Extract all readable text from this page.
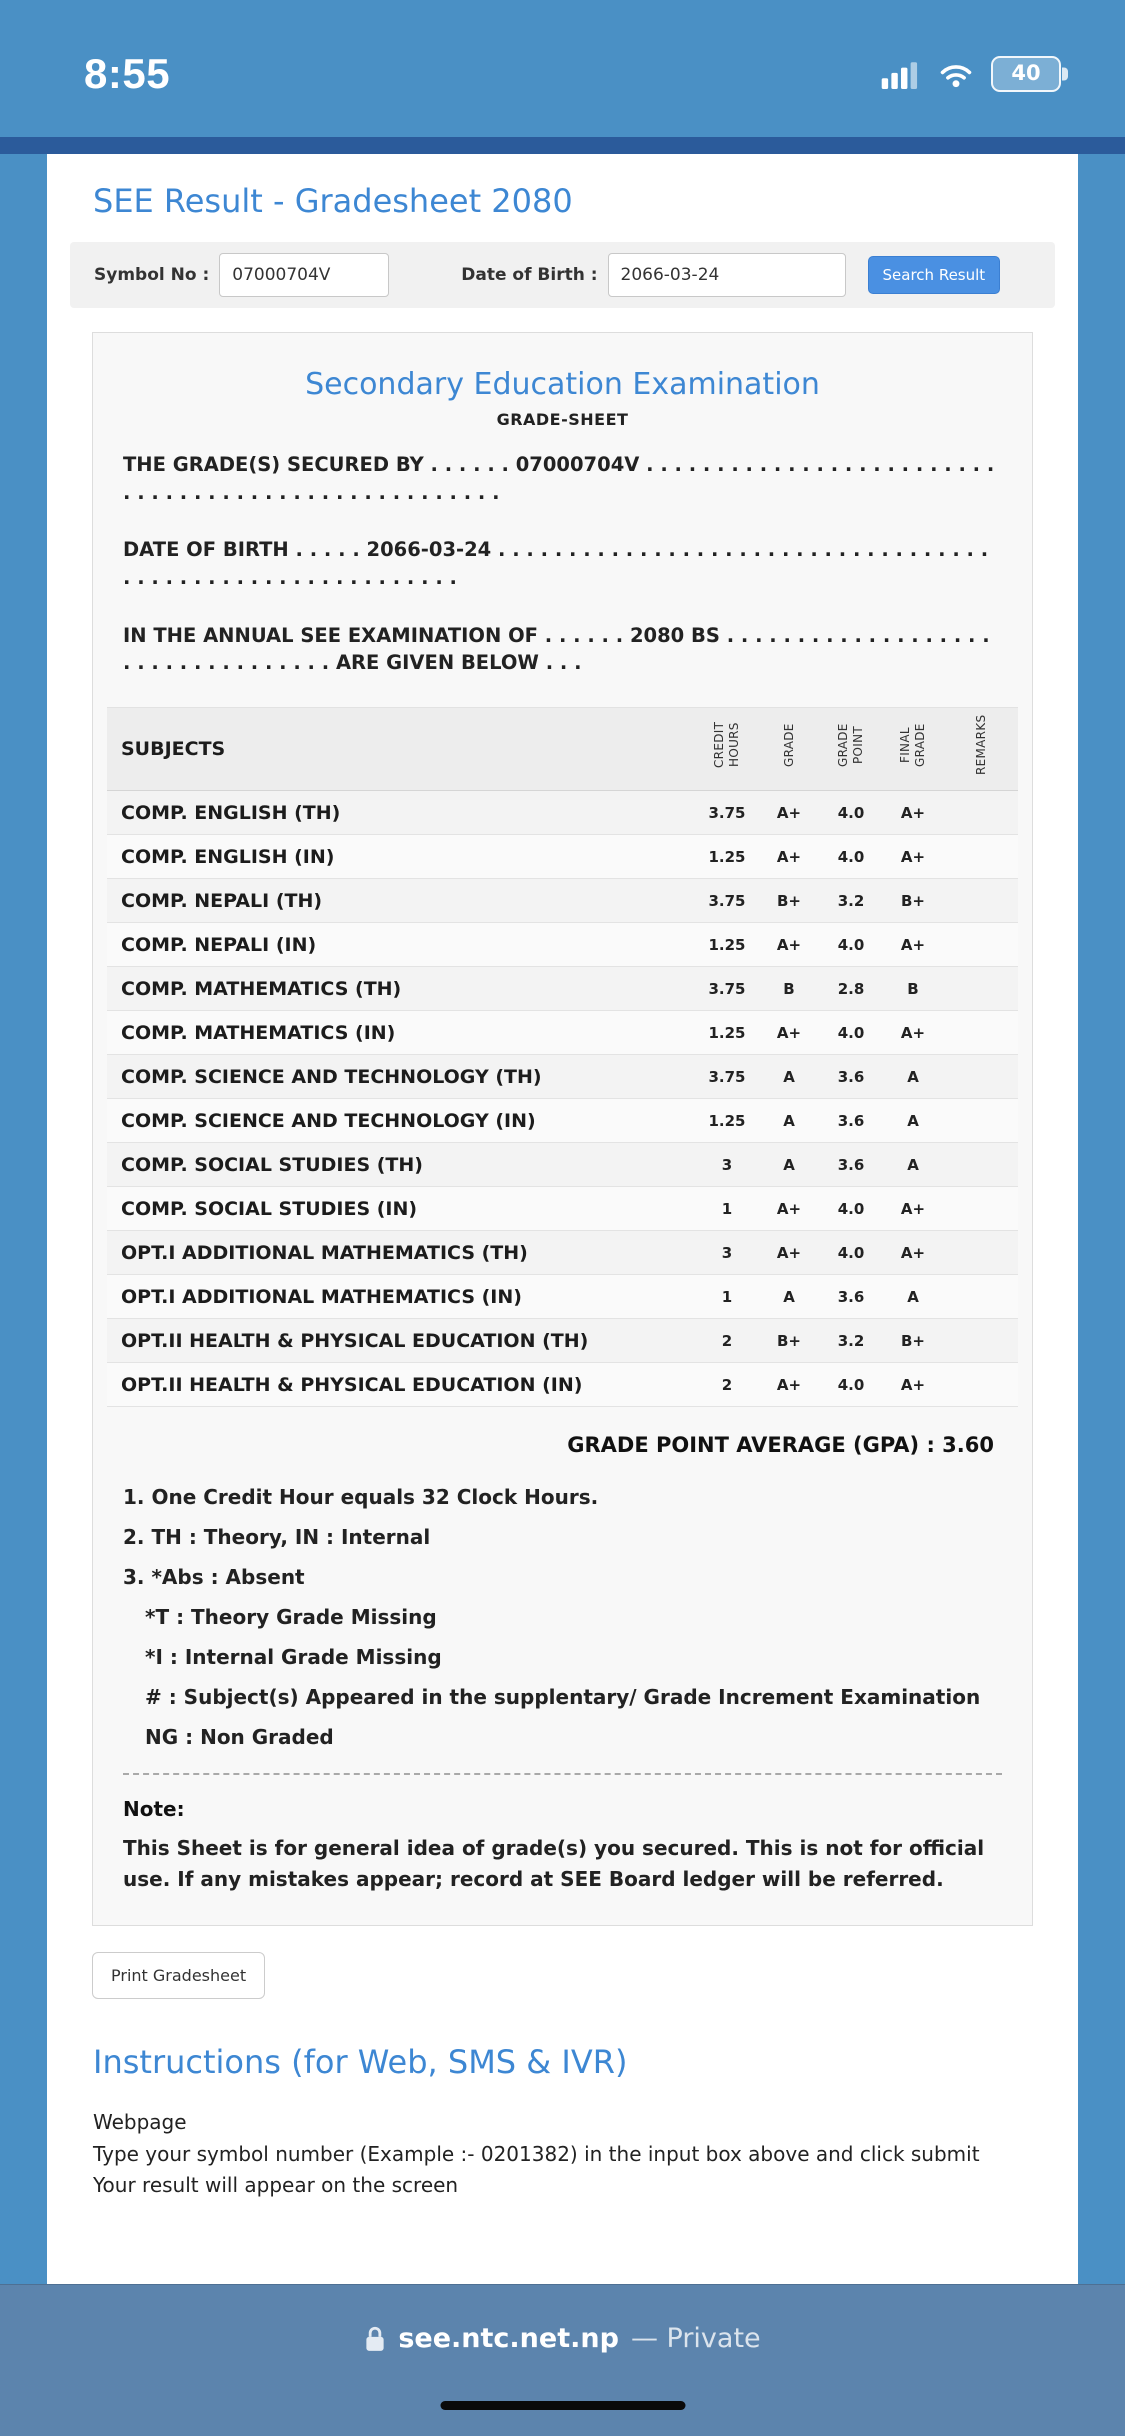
8:55	40
SEE Result - Gradesheet 2080
Symbol No :
07000704V	Date of Birth :
2066-03-24	Search Result
Secondary Education Examination
GRADE-SHEET

THE GRADE(S) SECURED BY . . . . . . 07000704V . . . . . . . . . . . . . . . . . . . . . . . . . . . . . . . . . . . . . . . . . . . . . . . . . . . .

DATE OF BIRTH . . . . . 2066-03-24 . . . . . . . . . . . . . . . . . . . . . . . . . . . . . . . . . . . . . . . . . . . . . . . . . . . . . . . . . . .

IN THE ANNUAL SEE EXAMINATION OF . . . . . . 2080 BS . . . . . . . . . . . . . . . . . . . . . . . . . . . . . . . . . . ARE GIVEN BELOW . . .

SUBJECTS	CREDIT HOURS	GRADE	GRADE POINT	FINAL GRADE	REMARKS
COMP. ENGLISH (TH)	3.75	A+	4.0	A+	
COMP. ENGLISH (IN)	1.25	A+	4.0	A+	
COMP. NEPALI (TH)	3.75	B+	3.2	B+	
COMP. NEPALI (IN)	1.25	A+	4.0	A+	
COMP. MATHEMATICS (TH)	3.75	B	2.8	B	
COMP. MATHEMATICS (IN)	1.25	A+	4.0	A+	
COMP. SCIENCE AND TECHNOLOGY (TH)	3.75	A	3.6	A	
COMP. SCIENCE AND TECHNOLOGY (IN)	1.25	A	3.6	A	
COMP. SOCIAL STUDIES (TH)	3	A	3.6	A	
COMP. SOCIAL STUDIES (IN)	1	A+	4.0	A+	
OPT.I ADDITIONAL MATHEMATICS (TH)	3	A+	4.0	A+	
OPT.I ADDITIONAL MATHEMATICS (IN)	1	A	3.6	A	
OPT.II HEALTH & PHYSICAL EDUCATION (TH)	2	B+	3.2	B+	
OPT.II HEALTH & PHYSICAL EDUCATION (IN)	2	A+	4.0	A+	
GRADE POINT AVERAGE (GPA) : 3.60
1. One Credit Hour equals 32 Clock Hours.
2. TH : Theory, IN : Internal
3. *Abs : Absent
*T : Theory Grade Missing
*I : Internal Grade Missing
# : Subject(s) Appeared in the supplentary/ Grade Increment Examination
NG : Non Graded
Note:

This Sheet is for general idea of grade(s) you secured. This is not for official use. If any mistakes appear; record at SEE Board ledger will be referred.

Print Gradesheet
Instructions (for Web, SMS & IVR)
Webpage
Type your symbol number (Example :- 0201382) in the input box above and click submit
Your result will appear on the screen
see.ntc.net.np — Private
